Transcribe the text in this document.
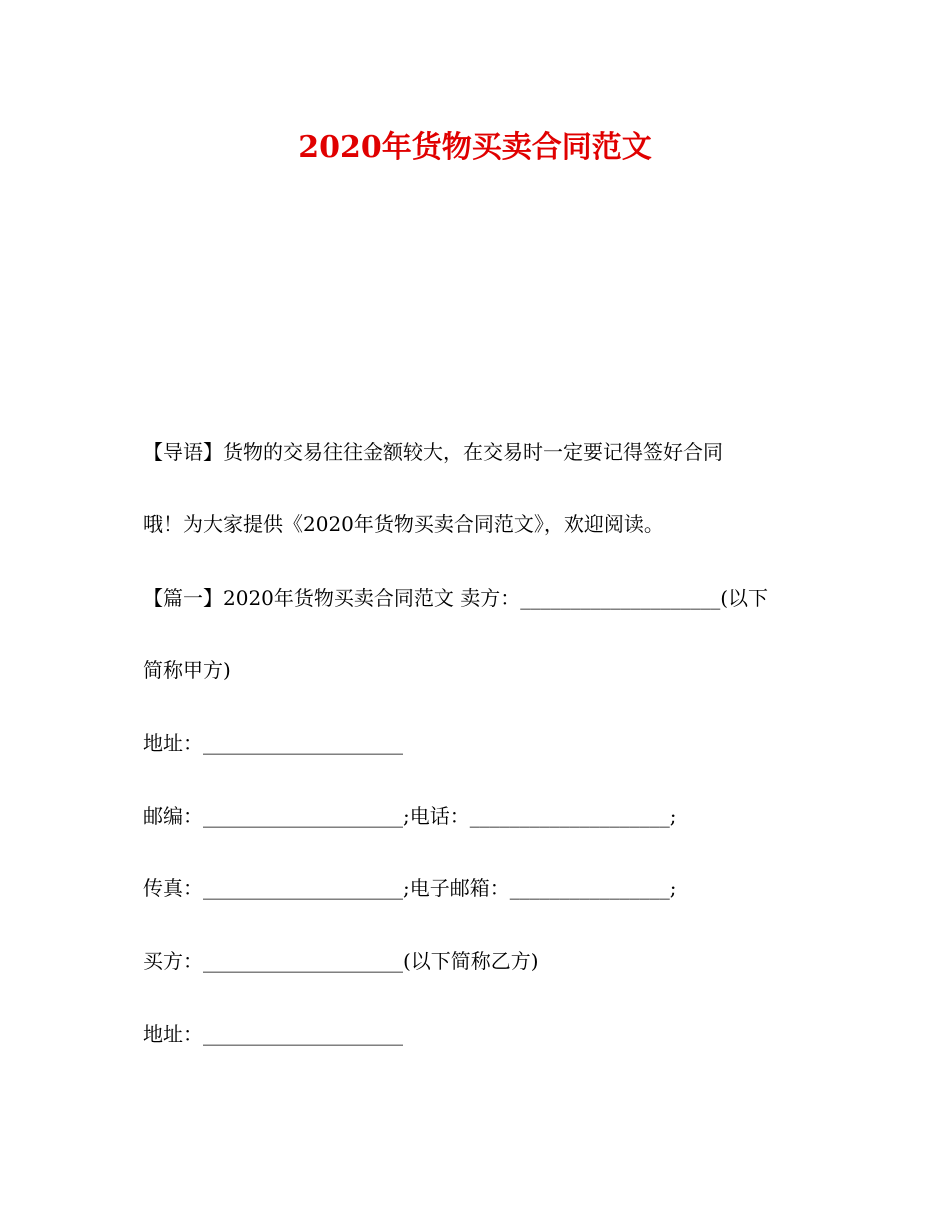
2020年货物买卖合同范文
【导语】货物的交易往往金额较大，在交易时一定要记得签好合同
哦！为大家提供《2020年货物买卖合同范文》，欢迎阅读。
【篇一】2020年货物买卖合同范文 卖方：____________________(以下
简称甲方)
地址：____________________
邮编：____________________;电话：____________________;
传真：____________________;电子邮箱：________________;
买方：____________________(以下简称乙方)
地址：____________________
